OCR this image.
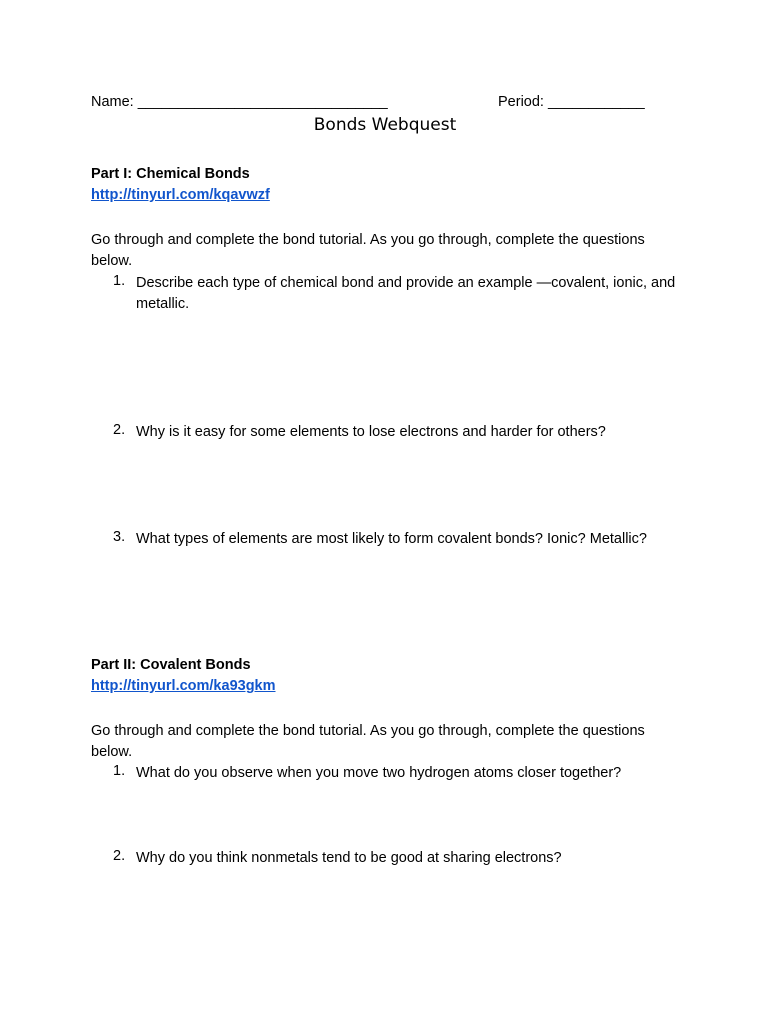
Name: _______________________________	Period: ____________
Bonds Webquest
Part I: Chemical Bonds
http://tinyurl.com/kqavwzf
Go through and complete the bond tutorial. As you go through, complete the questions below.
1. Describe each type of chemical bond and provide an example —covalent, ionic, and metallic.
2. Why is it easy for some elements to lose electrons and harder for others?
3. What types of elements are most likely to form covalent bonds? Ionic? Metallic?
Part II: Covalent Bonds
http://tinyurl.com/ka93gkm
Go through and complete the bond tutorial. As you go through, complete the questions below.
1. What do you observe when you move two hydrogen atoms closer together?
2. Why do you think nonmetals tend to be good at sharing electrons?
